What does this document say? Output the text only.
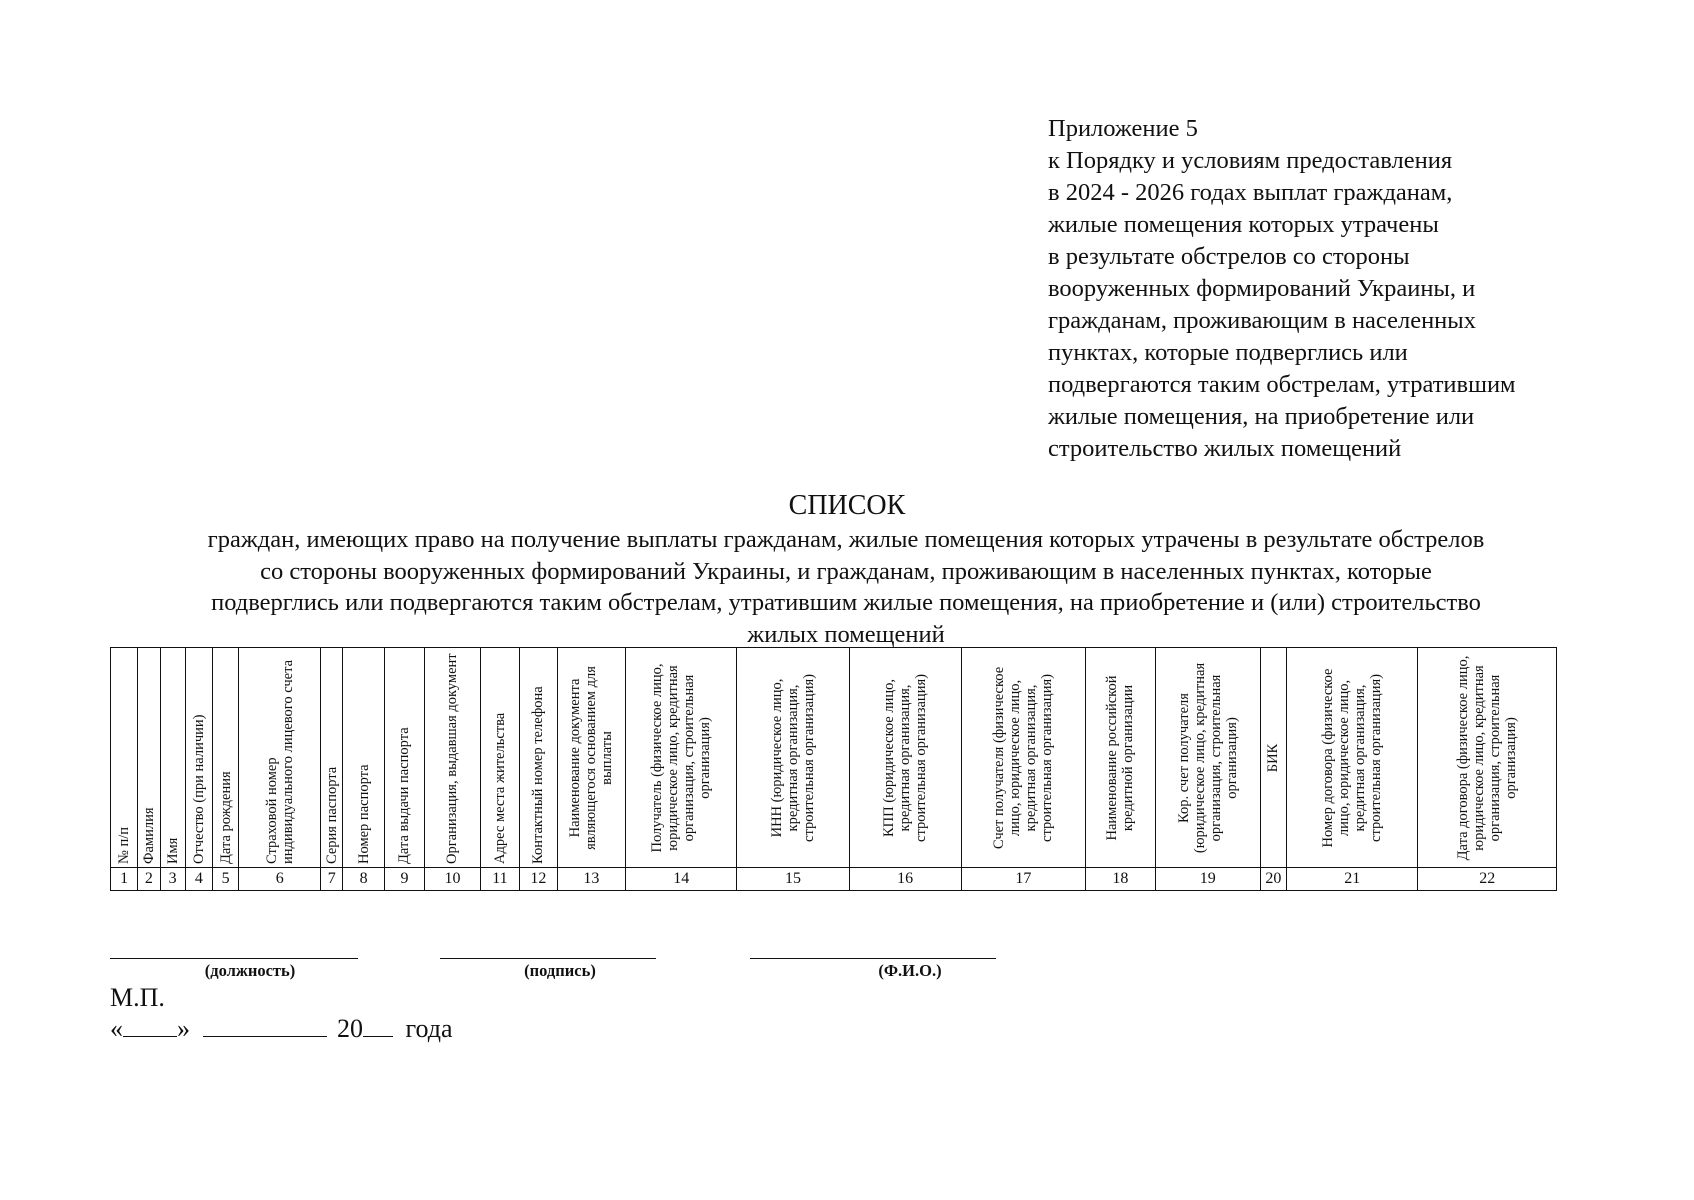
Приложение 5
к Порядку и условиям предоставления
в 2024 - 2026 годах выплат гражданам,
жилые помещения которых утрачены
в результате обстрелов со стороны
вооруженных формирований Украины, и
гражданам, проживающим в населенных
пунктах, которые подверглись или
подвергаются таким обстрелам, утратившим
жилые помещения, на приобретение или
строительство жилых помещений
СПИСОК
граждан, имеющих право на получение выплаты гражданам, жилые помещения которых утрачены в результате обстрелов
со стороны вооруженных формирований Украины, и гражданам, проживающим в населенных пунктах, которые
подверглись или подвергаются таким обстрелам, утратившим жилые помещения, на приобретение и (или) строительство
жилых помещений
№ п/п	Фамилия	Имя	Отчество (при наличии)	Дата рождения	Страховой номер индивидуального лицевого счета	Серия паспорта	Номер паспорта	Дата выдачи паспорта	Организация, выдавшая документ	Адрес места жительства	Контактный номер телефона	Наименование документа являющегося основанием для выплаты	Получатель (физическое лицо, юридическое лицо, кредитная организация, строительная организация)	ИНН (юридическое лицо, кредитная организация, строительная организация)	КПП (юридическое лицо, кредитная организация, строительная организация)	Счет получателя (физическое лицо, юридическое лицо, кредитная организация, строительная организация)	Наименование российской кредитной организации	Кор. счет получателя (юридическое лицо, кредитная организация, строительная организация)	БИК	Номер договора (физическое лицо, юридическое лицо, кредитная организация, строительная организация)	Дата договора (физическое лицо, юридическое лицо, кредитная организация, строительная организация)

1	2	3	4	5	6	7	8	9	10	11	12	13	14	15	16	17	18	19	20	21	22
(должность)	(подпись)	(Ф.И.О.)
М.П.
« »	20 года
